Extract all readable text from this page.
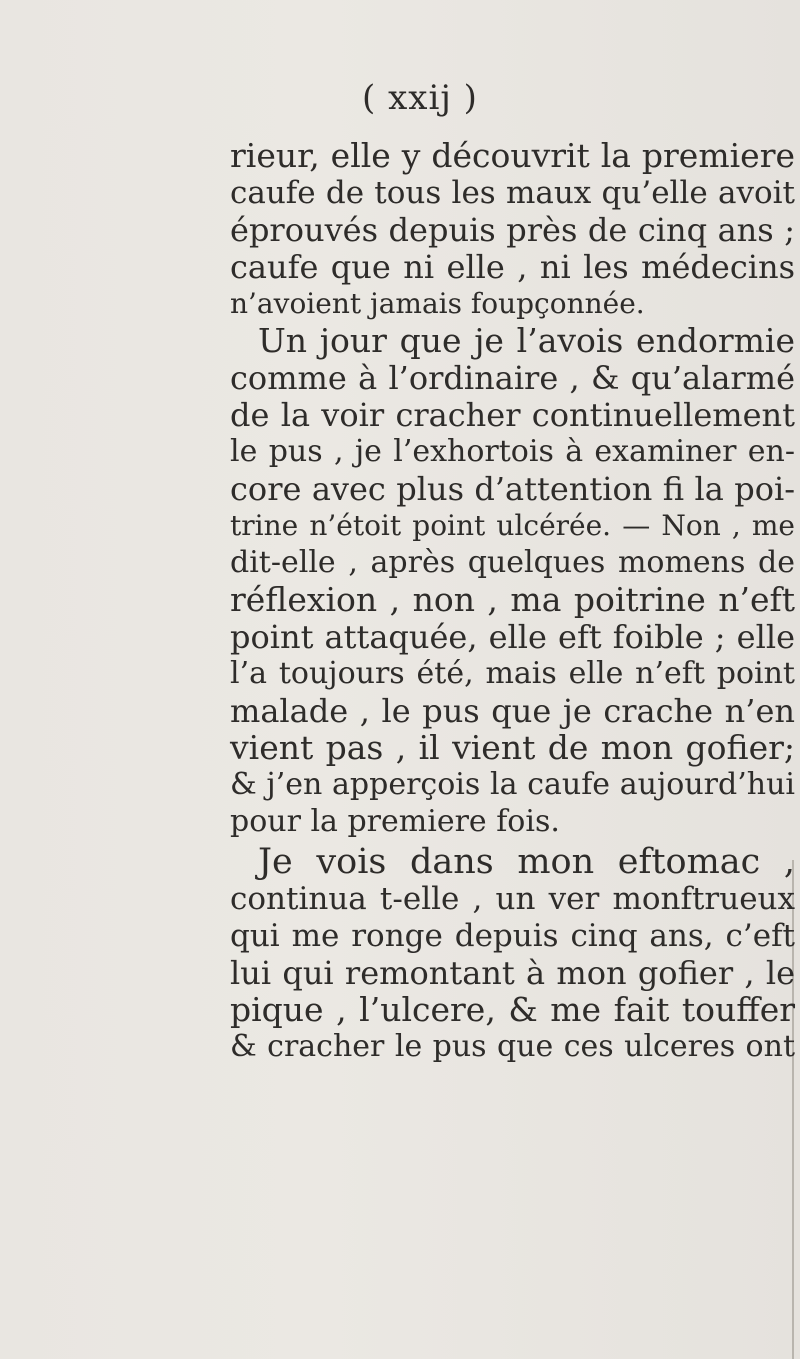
( xxij )
rieur, elle y découvrit la premiere
caufe de tous les maux qu’elle avoit
éprouvés depuis près de cinq ans ;
caufe que ni elle , ni les médecins
n’avoient jamais foupçonnée.
Un jour que je l’avois endormie
comme à l’ordinaire , & qu’alarmé
de la voir cracher continuellement
le pus , je l’exhortois à examiner en-
core avec plus d’attention fi la poi-
trine n’étoit point ulcérée. — Non , me
dit-elle , après quelques momens de
réflexion , non , ma poitrine n’eft
point attaquée, elle eft foible ; elle
l’a toujours été, mais elle n’eft point
malade , le pus que je crache n’en
vient pas , il vient de mon gofier;
& j’en apperçois la caufe aujourd’hui
pour la premiere fois.
Je vois dans mon eftomac ,
continua t-elle , un ver monftrueux
qui me ronge depuis cinq ans, c’eft
lui qui remontant à mon gofier , le
pique , l’ulcere, & me fait touffer
& cracher le pus que ces ulceres ont
